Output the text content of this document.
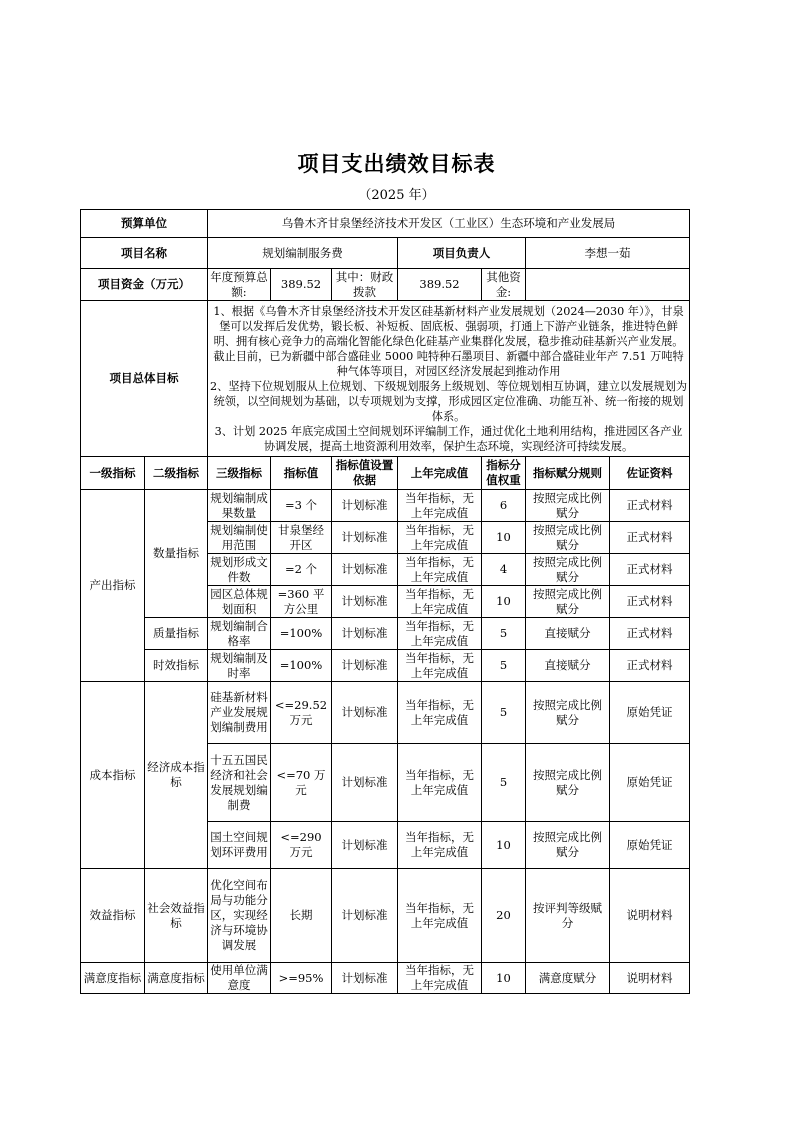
项目支出绩效目标表
（2025 年）
预算单位		乌鲁木齐甘泉堡经济技术开发区（工业区）生态环境和产业发展局						
项目名称		规划编制服务费			项目负责人		李想一茹	
项目资金（万元）		年度预算总额:	389.52	其中：财政拨款	389.52	其他资金:		
项目总体目标		1、根据《乌鲁木齐甘泉堡经济技术开发区硅基新材料产业发展规划（2024—2030 年）》，甘泉堡可以发挥后发优势，锻长板、补短板、固底板、强弱项，打通上下游产业链条，推进特色鲜明、拥有核心竞争力的高端化智能化绿色化硅基产业集群化发展，稳步推动硅基新兴产业发展。截止目前，已为新疆中部合盛硅业 5000 吨特种石墨项目、新疆中部合盛硅业年产 7.51 万吨特种气体等项目，对园区经济发展起到推动作用

2、坚持下位规划服从上位规划、下级规划服务上级规划、等位规划相互协调，建立以发展规划为统领，以空间规划为基础，以专项规划为支撑，形成园区定位准确、功能互补、统一衔接的规划体系。

3、计划 2025 年底完成国土空间规划环评编制工作，通过优化土地利用结构，推进园区各产业协调发展，提高土地资源利用效率，保护生态环境，实现经济可持续发展。						

一级指标	二级指标	三级指标	指标值	指标值设置依据	上年完成值	指标分值权重	指标赋分规则	佐证资料
产出指标	数量指标	规划编制成果数量	=3 个	计划标准	当年指标，无上年完成值	6	按照完成比例赋分	正式材料
		规划编制使用范围	甘泉堡经开区	计划标准	当年指标，无上年完成值	10	按照完成比例赋分	正式材料
		规划形成文件数	=2 个	计划标准	当年指标，无上年完成值	4	按照完成比例赋分	正式材料
		园区总体规划面积	=360 平方公里	计划标准	当年指标，无上年完成值	10	按照完成比例赋分	正式材料
	质量指标	规划编制合格率	=100%	计划标准	当年指标，无上年完成值	5	直接赋分	正式材料
	时效指标	规划编制及时率	=100%	计划标准	当年指标，无上年完成值	5	直接赋分	正式材料
成本指标	经济成本指标	硅基新材料产业发展规划编制费用	<=29.52 万元	计划标准	当年指标，无上年完成值	5	按照完成比例赋分	原始凭证
		十五五国民经济和社会发展规划编制费	<=70 万元	计划标准	当年指标，无上年完成值	5	按照完成比例赋分	原始凭证
		国土空间规划环评费用	<=290 万元	计划标准	当年指标，无上年完成值	10	按照完成比例赋分	原始凭证
效益指标	社会效益指标	优化空间布局与功能分区，实现经济与环境协调发展	长期	计划标准	当年指标，无上年完成值	20	按评判等级赋分	说明材料
满意度指标	满意度指标	使用单位满意度	>=95%	计划标准	当年指标，无上年完成值	10	满意度赋分	说明材料
